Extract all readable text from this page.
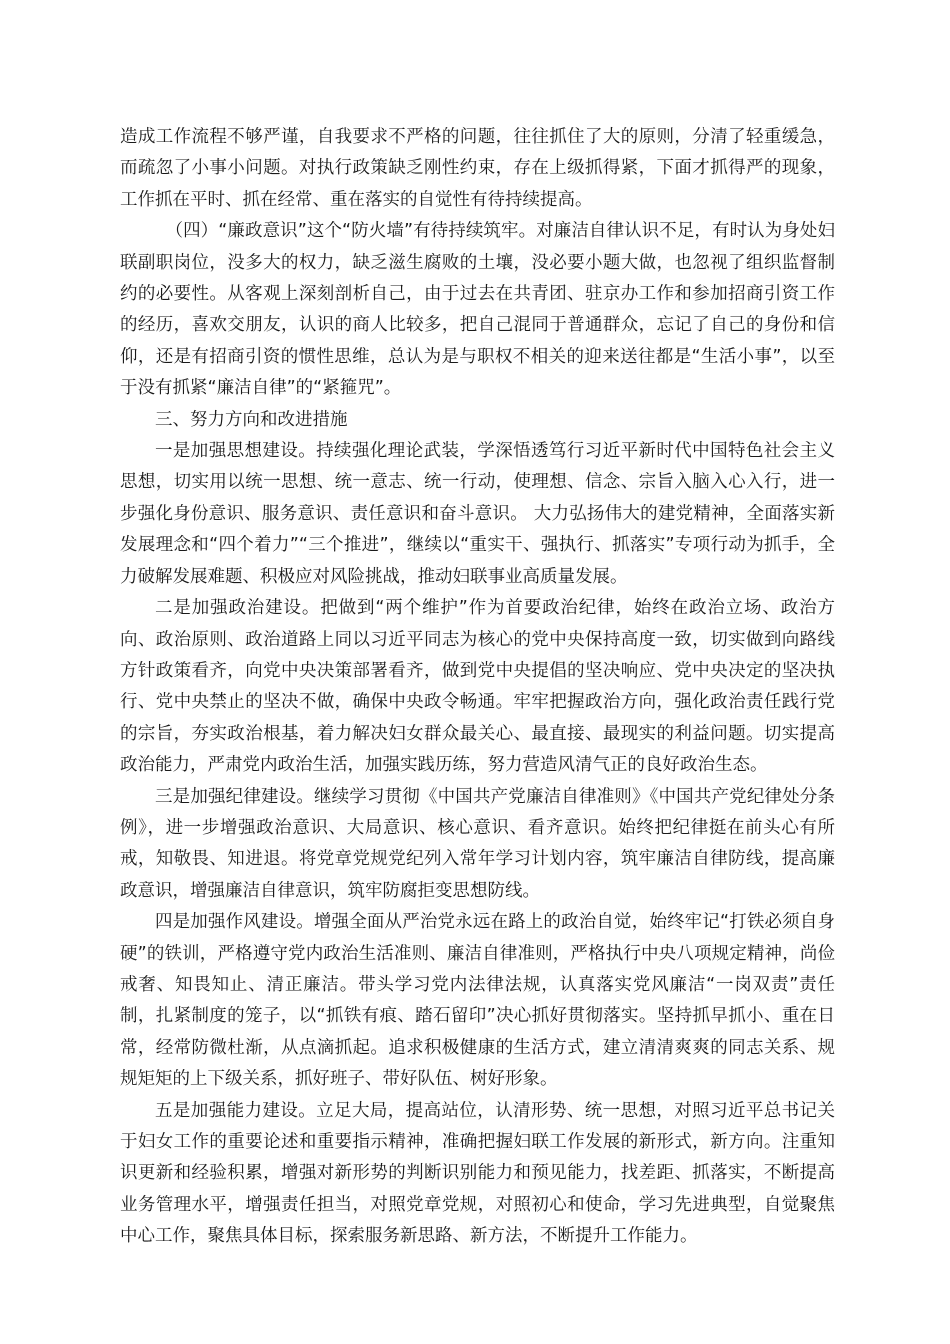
造成工作流程不够严谨，自我要求不严格的问题，往往抓住了大的原则，分清了轻重缓急，而疏忽了小事小问题。对执行政策缺乏刚性约束，存在上级抓得紧，下面才抓得严的现象，工作抓在平时、抓在经常、重在落实的自觉性有待持续提高。

（四）“廉政意识”这个“防火墙”有待持续筑牢。对廉洁自律认识不足，有时认为身处妇联副职岗位，没多大的权力，缺乏滋生腐败的土壤，没必要小题大做，也忽视了组织监督制约的必要性。从客观上深刻剖析自己，由于过去在共青团、驻京办工作和参加招商引资工作的经历，喜欢交朋友，认识的商人比较多，把自己混同于普通群众，忘记了自己的身份和信仰，还是有招商引资的惯性思维，总认为是与职权不相关的迎来送往都是“生活小事”，以至于没有抓紧“廉洁自律”的“紧箍咒”。

三、努力方向和改进措施

一是加强思想建设。持续强化理论武装，学深悟透笃行习近平新时代中国特色社会主义思想，切实用以统一思想、统一意志、统一行动，使理想、信念、宗旨入脑入心入行，进一步强化身份意识、服务意识、责任意识和奋斗意识。 大力弘扬伟大的建党精神，全面落实新发展理念和“四个着力”“三个推进”，继续以“重实干、强执行、抓落实”专项行动为抓手，全力破解发展难题、积极应对风险挑战，推动妇联事业高质量发展。

二是加强政治建设。把做到“两个维护”作为首要政治纪律，始终在政治立场、政治方向、政治原则、政治道路上同以习近平同志为核心的党中央保持高度一致，切实做到向路线方针政策看齐，向党中央决策部署看齐，做到党中央提倡的坚决响应、党中央决定的坚决执行、党中央禁止的坚决不做，确保中央政令畅通。牢牢把握政治方向，强化政治责任践行党的宗旨，夯实政治根基，着力解决妇女群众最关心、最直接、最现实的利益问题。切实提高政治能力，严肃党内政治生活，加强实践历练，努力营造风清气正的良好政治生态。

三是加强纪律建设。继续学习贯彻《中国共产党廉洁自律准则》《中国共产党纪律处分条例》，进一步增强政治意识、大局意识、核心意识、看齐意识。始终把纪律挺在前头心有所戒，知敬畏、知进退。将党章党规党纪列入常年学习计划内容，筑牢廉洁自律防线，提高廉政意识，增强廉洁自律意识，筑牢防腐拒变思想防线。

四是加强作风建设。增强全面从严治党永远在路上的政治自觉，始终牢记“打铁必须自身硬”的铁训，严格遵守党内政治生活准则、廉洁自律准则，严格执行中央八项规定精神，尚俭戒奢、知畏知止、清正廉洁。带头学习党内法律法规，认真落实党风廉洁“一岗双责”责任制，扎紧制度的笼子，以“抓铁有痕、踏石留印”决心抓好贯彻落实。坚持抓早抓小、重在日常，经常防微杜渐，从点滴抓起。追求积极健康的生活方式，建立清清爽爽的同志关系、规规矩矩的上下级关系，抓好班子、带好队伍、树好形象。

五是加强能力建设。立足大局，提高站位，认清形势、统一思想，对照习近平总书记关于妇女工作的重要论述和重要指示精神，准确把握妇联工作发展的新形式，新方向。注重知识更新和经验积累，增强对新形势的判断识别能力和预见能力，找差距、抓落实，不断提高业务管理水平，增强责任担当，对照党章党规，对照初心和使命，学习先进典型，自觉聚焦中心工作，聚焦具体目标，探索服务新思路、新方法，不断提升工作能力。
